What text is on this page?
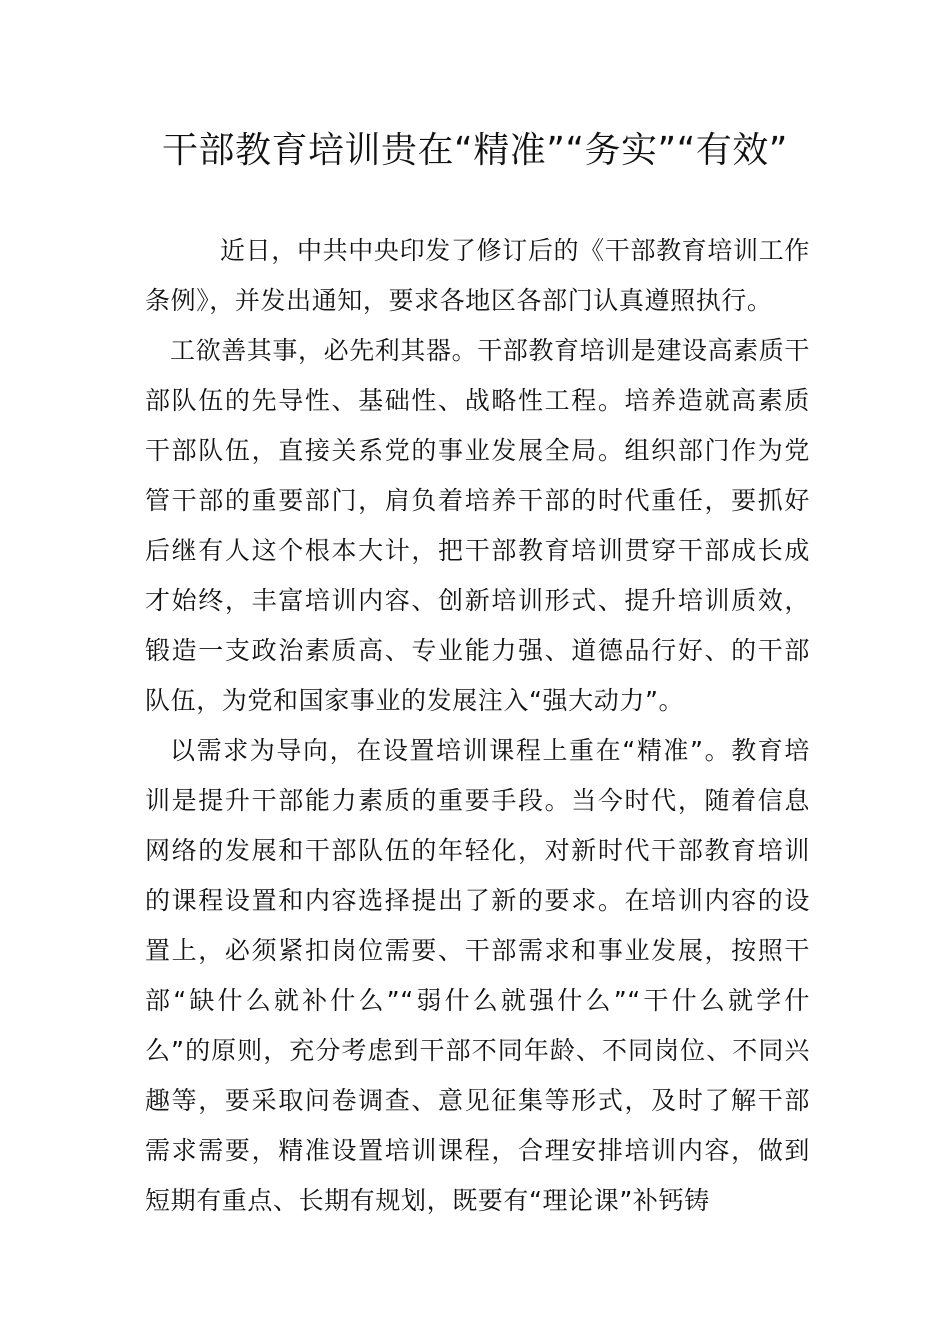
干部教育培训贵在“精准”“务实”“有效”

近日，中共中央印发了修订后的《干部教育培训工作条例》，并发出通知，要求各地区各部门认真遵照执行。

工欲善其事，必先利其器。干部教育培训是建设高素质干部队伍的先导性、基础性、战略性工程。培养造就高素质干部队伍，直接关系党的事业发展全局。组织部门作为党管干部的重要部门，肩负着培养干部的时代重任，要抓好后继有人这个根本大计，把干部教育培训贯穿干部成长成才始终，丰富培训内容、创新培训形式、提升培训质效，锻造一支政治素质高、专业能力强、道德品行好、的干部队伍，为党和国家事业的发展注入“强大动力”。

以需求为导向，在设置培训课程上重在“精准”。教育培训是提升干部能力素质的重要手段。当今时代，随着信息网络的发展和干部队伍的年轻化，对新时代干部教育培训的课程设置和内容选择提出了新的要求。在培训内容的设置上，必须紧扣岗位需要、干部需求和事业发展，按照干部“缺什么就补什么”“弱什么就强什么”“干什么就学什么”的原则，充分考虑到干部不同年龄、不同岗位、不同兴趣等，要采取问卷调查、意见征集等形式，及时了解干部需求需要，精准设置培训课程，合理安排培训内容，做到短期有重点、长期有规划，既要有“理论课”补钙铸
